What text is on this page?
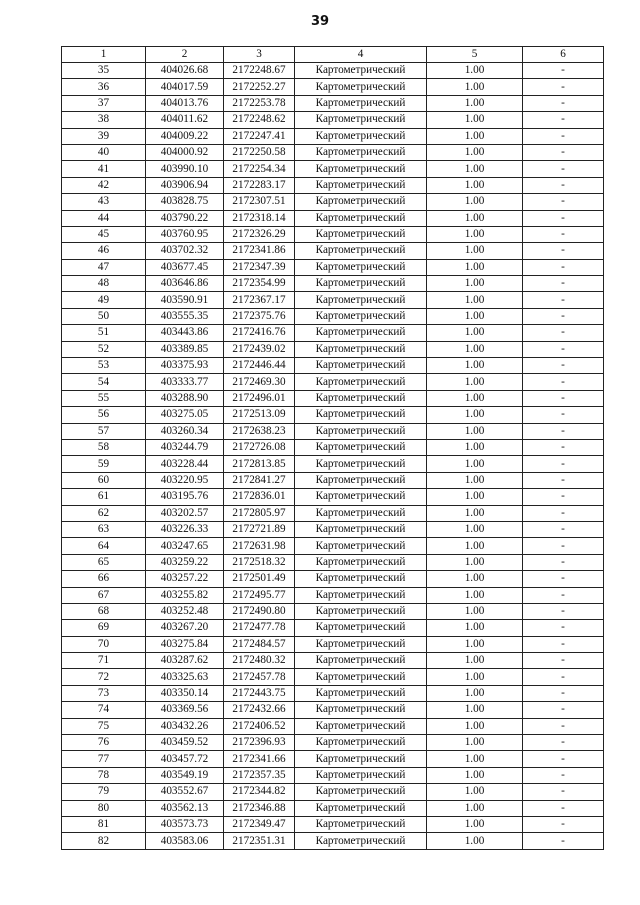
39
1	2	3	4	5	6
35	404026.68	2172248.67	Картометрический	1.00	-
36	404017.59	2172252.27	Картометрический	1.00	-
37	404013.76	2172253.78	Картометрический	1.00	-
38	404011.62	2172248.62	Картометрический	1.00	-
39	404009.22	2172247.41	Картометрический	1.00	-
40	404000.92	2172250.58	Картометрический	1.00	-
41	403990.10	2172254.34	Картометрический	1.00	-
42	403906.94	2172283.17	Картометрический	1.00	-
43	403828.75	2172307.51	Картометрический	1.00	-
44	403790.22	2172318.14	Картометрический	1.00	-
45	403760.95	2172326.29	Картометрический	1.00	-
46	403702.32	2172341.86	Картометрический	1.00	-
47	403677.45	2172347.39	Картометрический	1.00	-
48	403646.86	2172354.99	Картометрический	1.00	-
49	403590.91	2172367.17	Картометрический	1.00	-
50	403555.35	2172375.76	Картометрический	1.00	-
51	403443.86	2172416.76	Картометрический	1.00	-
52	403389.85	2172439.02	Картометрический	1.00	-
53	403375.93	2172446.44	Картометрический	1.00	-
54	403333.77	2172469.30	Картометрический	1.00	-
55	403288.90	2172496.01	Картометрический	1.00	-
56	403275.05	2172513.09	Картометрический	1.00	-
57	403260.34	2172638.23	Картометрический	1.00	-
58	403244.79	2172726.08	Картометрический	1.00	-
59	403228.44	2172813.85	Картометрический	1.00	-
60	403220.95	2172841.27	Картометрический	1.00	-
61	403195.76	2172836.01	Картометрический	1.00	-
62	403202.57	2172805.97	Картометрический	1.00	-
63	403226.33	2172721.89	Картометрический	1.00	-
64	403247.65	2172631.98	Картометрический	1.00	-
65	403259.22	2172518.32	Картометрический	1.00	-
66	403257.22	2172501.49	Картометрический	1.00	-
67	403255.82	2172495.77	Картометрический	1.00	-
68	403252.48	2172490.80	Картометрический	1.00	-
69	403267.20	2172477.78	Картометрический	1.00	-
70	403275.84	2172484.57	Картометрический	1.00	-
71	403287.62	2172480.32	Картометрический	1.00	-
72	403325.63	2172457.78	Картометрический	1.00	-
73	403350.14	2172443.75	Картометрический	1.00	-
74	403369.56	2172432.66	Картометрический	1.00	-
75	403432.26	2172406.52	Картометрический	1.00	-
76	403459.52	2172396.93	Картометрический	1.00	-
77	403457.72	2172341.66	Картометрический	1.00	-
78	403549.19	2172357.35	Картометрический	1.00	-
79	403552.67	2172344.82	Картометрический	1.00	-
80	403562.13	2172346.88	Картометрический	1.00	-
81	403573.73	2172349.47	Картометрический	1.00	-
82	403583.06	2172351.31	Картометрический	1.00	-
